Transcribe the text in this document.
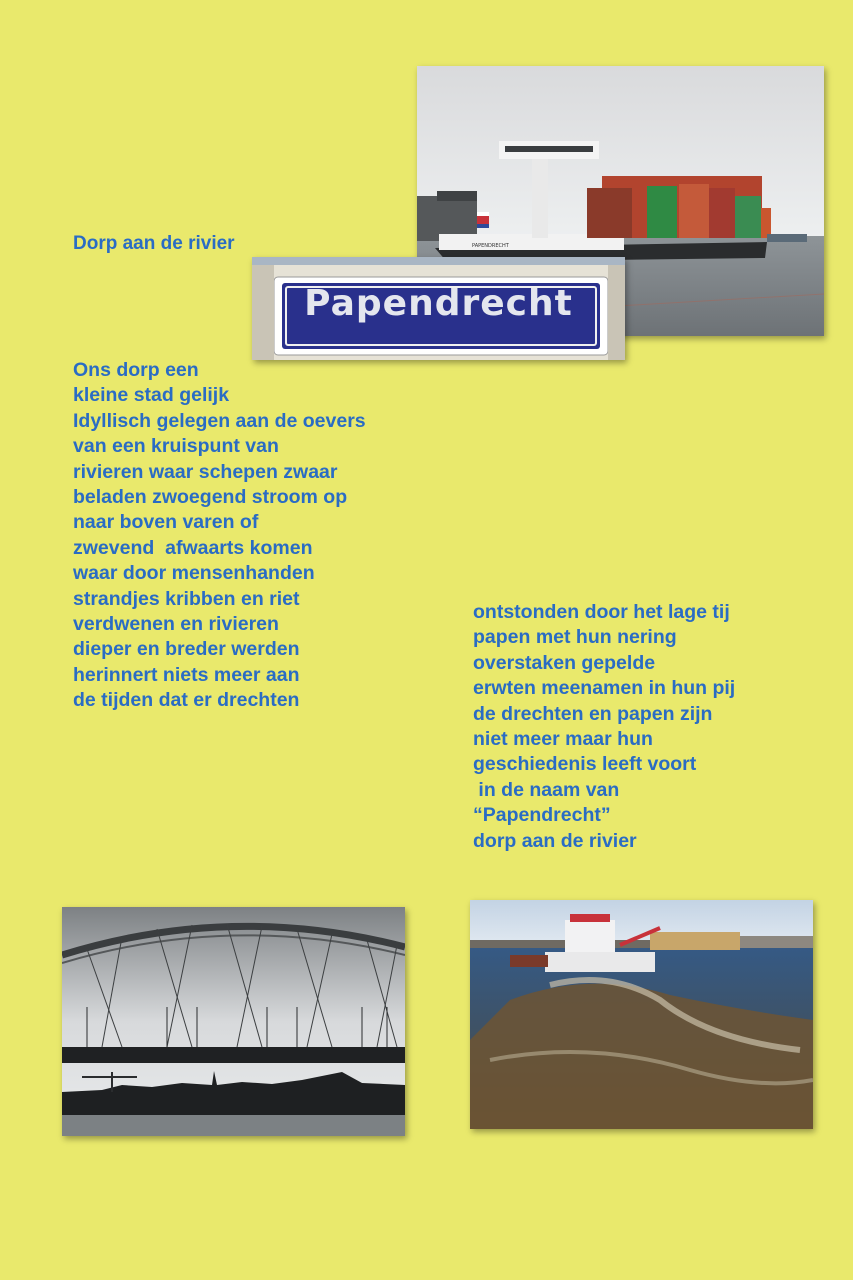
Dorp aan de rivier	PAPENDRECHT
Papendrecht
Ons dorp een
kleine stad gelijk
Idyllisch gelegen aan de oevers
van een kruispunt van
rivieren waar schepen zwaar
beladen zwoegend stroom op
naar boven varen of
zwevend  afwaarts komen
waar door mensenhanden
strandjes kribben en riet
verdwenen en rivieren
dieper en breder werden
herinnert niets meer aan
de tijden dat er drechten
ontstonden door het lage tij
papen met hun nering
overstaken gepelde
erwten meenamen in hun pij
de drechten en papen zijn
niet meer maar hun
geschiedenis leeft voort
in de naam van
“Papendrecht”
dorp aan de rivier
